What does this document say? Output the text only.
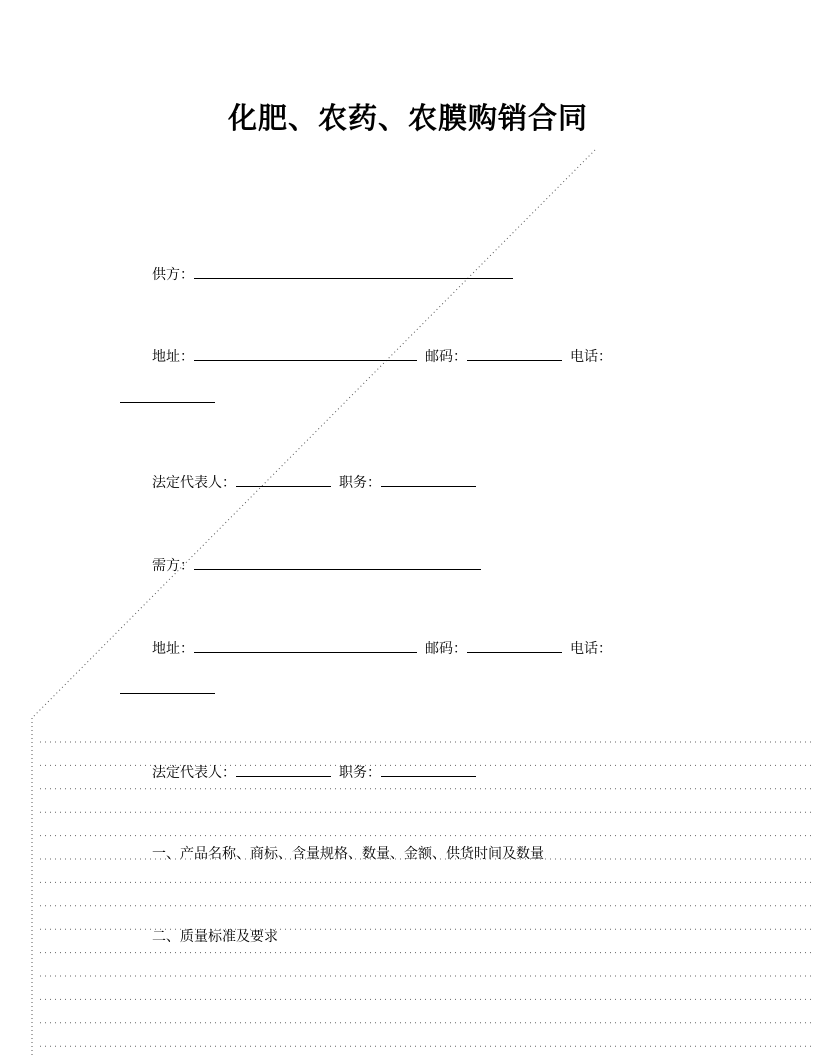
化肥、农药、农膜购销合同
供方：
地址：	邮码：	电话：
法定代表人：	职务：
需方：
地址：	邮码：	电话：
法定代表人：	职务：
一、产品名称、商标、含量规格、数量、金额、供货时间及数量
二、质量标准及要求
